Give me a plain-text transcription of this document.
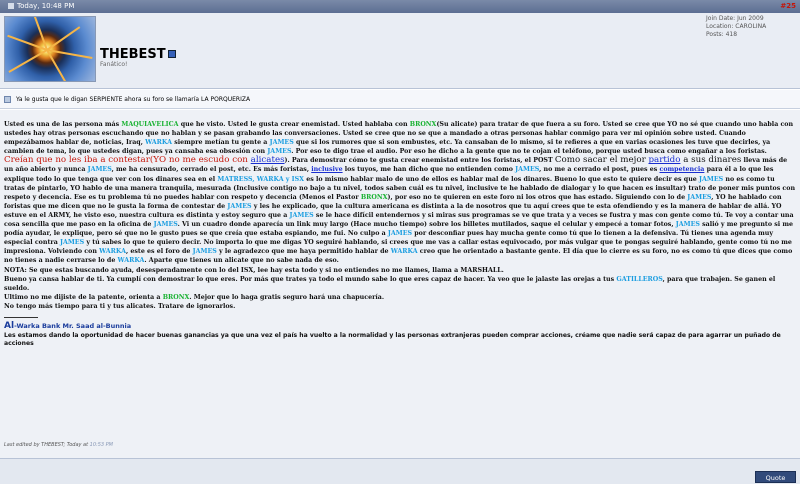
Today, 10:48 PM	#25
THEBEST
Fanático!
Join Date: Jun 2009
Location: CAROLINA
Posts: 418
Ya le gusta que le digan SERPIENTE ahora su foro se llamaría LA PORQUERIZA
Usted es una de las persona más MAQUIAVELICA que he visto. Usted le gusta crear enemistad. Usted hablaba con BRONX(Su alicate) para tratar de que fuera a su foro. Usted se cree que YO no sé que cuando uno habla con ustedes hay otras personas escuchando que no hablan y se pasan grabando las conversaciones. Usted se cree que no se que a mandado a otras personas hablar conmigo para ver mi opinión sobre usted. Cuando empezábamos hablar de, noticias, Iraq, WARKA siempre metían tu gente a JAMES que si los rumores que si son embustes, etc. Ya cansaban de lo mismo, si te refieres a que en varias ocasiones les tuve que decirles, ya cambien de tema, lo que ustedes digan, pues ya cansaba esa obsesión con JAMES. Por eso te digo trae el audio. Por eso he dicho a la gente que no te cojan el teléfono, porque usted busca como engañar a los foristas. Creían que no les iba a contestar(YO no me escudo con alicates). Para demostrar cómo te gusta crear enemistad entre los foristas, el POST Como sacar el mejor partido a sus dinares lleva más de un año abierto y nunca JAMES, me ha censurado, cerrado el post, etc. Es más foristas, inclusive los tuyos, me han dicho que no entienden como JAMES, no me a cerrado el post, pues es competencia para él a lo que les explique todo lo que tenga que ver con los dinares sea en el MATRESS, WARKA y ISX es lo mismo hablar malo de uno de ellos es hablar mal de los dinares. Bueno lo que esto te quiere decir es que JAMES no es como tu tratas de pintarlo, YO hablo de una manera tranquila, mesurada (Inclusive contigo no bajo a tu nivel, todos saben cuál es tu nivel, inclusive te he hablado de dialogar y lo que hacen es insultar) trato de poner mis puntos con respeto y decencia. Ese es tu problema tú no puedes hablar con respeto y decencia (Menos el Pastor BRONX), por eso no te quieren en este foro ni los otros que has estado. Siguiendo con lo de JAMES, YO he hablado con foristas que me dicen que no le gusta la forma de contestar de JAMES y les he explicado, que la cultura americana es distinta a la de nosotros que tu aquí crees que te esta ofendiendo y es la manera de hablar de allá. YO estuve en el ARMY, he visto eso, nuestra cultura es distinta y estoy seguro que a JAMES se le hace difícil entendernos y si miras sus programas se ve que trata y a veces se fustra y mas con gente como tú. Te voy a contar una cosa sencilla que me paso en la oficina de JAMES. Vi un cuadro donde aparecía un link muy largo (Hace mucho tiempo) sobre los billetes mutilados, saque el celular y empecé a tomar fotos, JAMES salió y me pregunto si me podía ayudar, le explique, pero sé que no le gusto pues se que creía que estaba espiando, me fui. No culpo a JAMES por desconfiar pues hay mucha gente como tú que lo tienen a la defensiva. Tú tienes una agenda muy especial contra JAMES y tú sabes lo que te quiero decir. No importa lo que me digas YO seguiré hablando, si crees que me vas a callar estas equivocado, por más vulgar que te pongas seguiré hablando, gente como tú no me impresiona. Volviendo con WARKA, este es el foro de JAMES y le agradezco que me haya permitido hablar de WARKA creo que he orientado a bastante gente. El día que lo cierre es su foro, no es como tú que dices que como no tienes a nadie cerrarse lo de WARKA. Aparte que tienes un alicate que no sabe nada de eso.
NOTA: Se que estas buscando ayuda, desesperadamente con lo del ISX, lee hay esta todo y si no entiendes no me llames, llama a MARSHALL.
Bueno ya cansa hablar de ti. Ya cumplí con demostrar lo que eres. Por más que trates ya todo el mundo sabe lo que eres capaz de hacer. Ya veo que le jalaste las orejas a tus GATILLEROS, para que trabajen. Se ganen el sueldo.
Ultimo no me dijiste de la patente, orienta a BRONX. Mejor que lo haga gratis seguro hará una chapucería.
No tengo más tiempo para ti y tus alicates. Tratare de ignorarlos.
Al-Warka Bank Mr. Saad al-Bunnia
Les estamos dando la oportunidad de hacer buenas ganancias ya que una vez el país ha vuelto a la normalidad y las personas extranjeras pueden comprar acciones, créame que nadie será capaz de para agarrar un puñado de acciones
Last edited by THEBEST; Today at 10:53 PM
Quote
